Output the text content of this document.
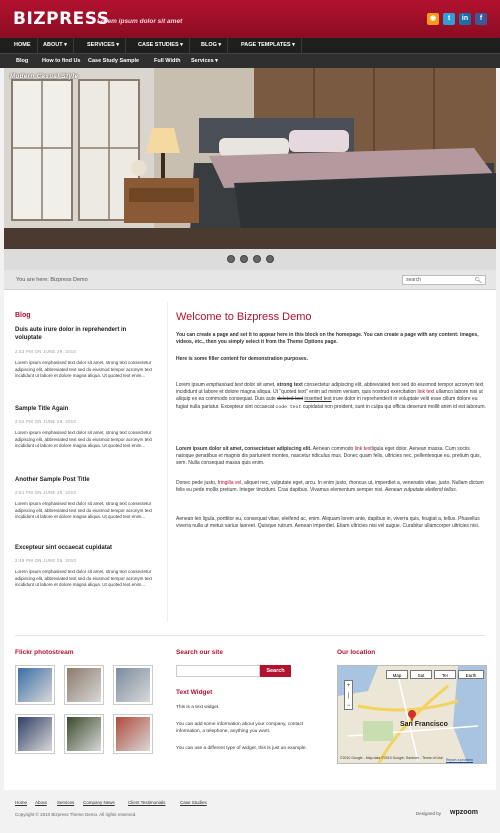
BIZPRESS
Lorem ipsum dolor sit amet	◉	t	in	f
HOME	ABOUT ▾	SERVICES ▾	CASE STUDIES ▾	BLOG ▾	PAGE TEMPLATES ▾
Blog	How to find Us	Case Study Sample	Full Width	Services ▾
Modern Casual Style
You are here: Bizpress Demo	search	🔍︎
Blog
Duis aute irure dolor in reprehendert in voluptate
2:53 PM ON JUNE 29, 2010
Lorem ipsum emphasised text dolor sit amet, strong text consectetur adipiscing elit, abbreviated text sed do eiusmod tempor acronym text incididunt ut labore et dolore magna aliqua. Ut quoted text enim...
Sample Title Again
2:52 PM ON JUNE 29, 2010
Lorem ipsum emphasised text dolor sit amet, strong text consectetur adipiscing elit, abbreviated text sed do eiusmod tempor acronym text incididunt ut labore et dolore magna aliqua. Ut quoted text enim...
Another Sample Post Title
2:51 PM ON JUNE 29, 2010
Lorem ipsum emphasised text dolor sit amet, strong text consectetur adipiscing elit, abbreviated text sed do eiusmod tempor acronym text incididunt ut labore et dolore magna aliqua. Ut quoted text enim...
Excepteur sint occaecat cupidatat
2:48 PM ON JUNE 29, 2010
Lorem ipsum emphasised text dolor sit amet, strong text consectetur adipiscing elit, abbreviated text sed do eiusmod tempor acronym text incididunt ut labore et dolore magna aliqua. Ut quoted text enim...
Welcome to Bizpress Demo
You can create a page and set it to appear here in this block on the homepage. You can create a page with any content: images, videos, etc., then you simply select it from the Theme Options page.
Here is some filler content for demonstration purposes.
Lorem ipsum emphasised text dolor sit amet, strong text consectetur adipiscing elit, abbreviated text sed do eiusmod tempor acronym text incididunt ut labore et dolore magna aliqua. Ut "quoted text" enim ad minim veniam, quis nostrud exercitation link text ullamco labore nisi ut aliquip ex ea commodo consequat. Duis aute deleted text inserted text irure dolor in reprehenderit in voluptate velit esse cillum dolore eu fugiat nulla pariatur. Excepteur sint occaecat code text cupidatat non proident, sunt in culpa qui officia deserunt mollit anim id est laborum.
Lorem ipsum dolor sit amet, consectetuer adipiscing elit. Aenean commodo link textligula eget dolor. Aenean massa. Cum sociis natoque penatibus et magnis dis parturient montes, nascetur ridiculus mus. Donec quam felis, ultricies nec, pellentesque eu, pretium quis, sem. Nulla consequat massa quis enim.
Donec pede justo, fringilla vel, aliquet nec, vulputate eget, arcu. In enim justo, rhoncus ut, imperdiet a, venenatis vitae, justo. Nullam dictum felis eu pede mollis pretium. Integer tincidunt. Cras dapibus. Vivamus elementum semper nisi. Aenean vulputate eleifend tellus.
Aenean leo ligula, porttitor eu, consequat vitae, eleifend ac, enim. Aliquam lorem ante, dapibus in, viverra quis, feugiat a, tellus. Phasellus viverra nulla ut metus varius laoreet. Quisque rutrum. Aenean imperdiet. Etiam ultricies nisi vel augue. Curabitur ullamcorper ultricies nisi.
Flickr photostream	Search our site
Search
Text Widget
This is a text widget.
You can add some information about your company, contact information, a telephone, anything you want.
You can use a different type of widget, this is just an example.
Our location
Map	Sat	Ter	Earth
+
|
−
San Francisco
©2010 Google - Map data ©2010 Google, Sanborn - Terms of Use Report a problem
Home About Services Company News	Client Testimonials	Case Studies
Copyright © 2010 Bizpress Theme Demo. All rights reserved.	Designed by wpzoom
